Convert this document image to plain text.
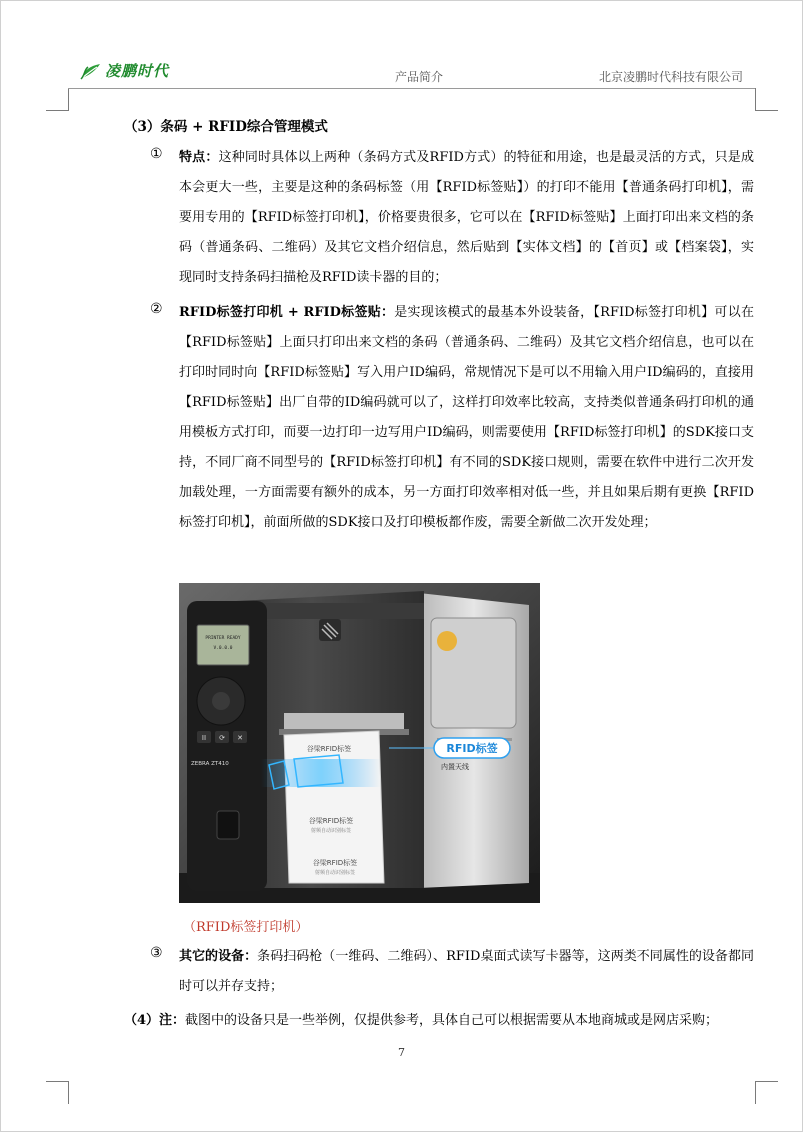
凌鹏时代	产品简介	北京凌鹏时代科技有限公司
（3）条码 + RFID综合管理模式
① 特点：这种同时具体以上两种（条码方式及RFID方式）的特征和用途，也是最灵活的方式，只是成本会更大一些，主要是这种的条码标签（用【RFID标签贴】）的打印不能用【普通条码打印机】，需要用专用的【RFID标签打印机】，价格要贵很多，它可以在【RFID标签贴】上面打印出来文档的条码（普通条码、二维码）及其它文档介绍信息，然后贴到【实体文档】的【首页】或【档案袋】，实现同时支持条码扫描枪及RFID读卡器的目的；
② RFID标签打印机 + RFID标签贴：是实现该模式的最基本外设装备，【RFID标签打印机】可以在【RFID标签贴】上面只打印出来文档的条码（普通条码、二维码）及其它文档介绍信息，也可以在打印时同时向【RFID标签贴】写入用户ID编码，常规情况下是可以不用输入用户ID编码的，直接用【RFID标签贴】出厂自带的ID编码就可以了，这样打印效率比较高，支持类似普通条码打印机的通用模板方式打印，而要一边打印一边写用户ID编码，则需要使用【RFID标签打印机】的SDK接口支持，不同厂商不同型号的【RFID标签打印机】有不同的SDK接口规则，需要在软件中进行二次开发加载处理，一方面需要有额外的成本，另一方面打印效率相对低一些，并且如果后期有更换【RFID标签打印机】，前面所做的SDK接口及打印模板都作废，需要全新做二次开发处理；
PRINTER READY
V.0.0.0
II ⟳ ✕
ZEBRA ZT410
谷梁RFID标签
谷梁RFID标签
射频自动识别标签
谷梁RFID标签
射频自动识别标签
RFID标签
内置天线
（RFID标签打印机）
③ 其它的设备：条码扫码枪（一维码、二维码）、RFID桌面式读写卡器等，这两类不同属性的设备都同时可以并存支持；
（4）注：截图中的设备只是一些举例，仅提供参考，具体自己可以根据需要从本地商城或是网店采购；
7
